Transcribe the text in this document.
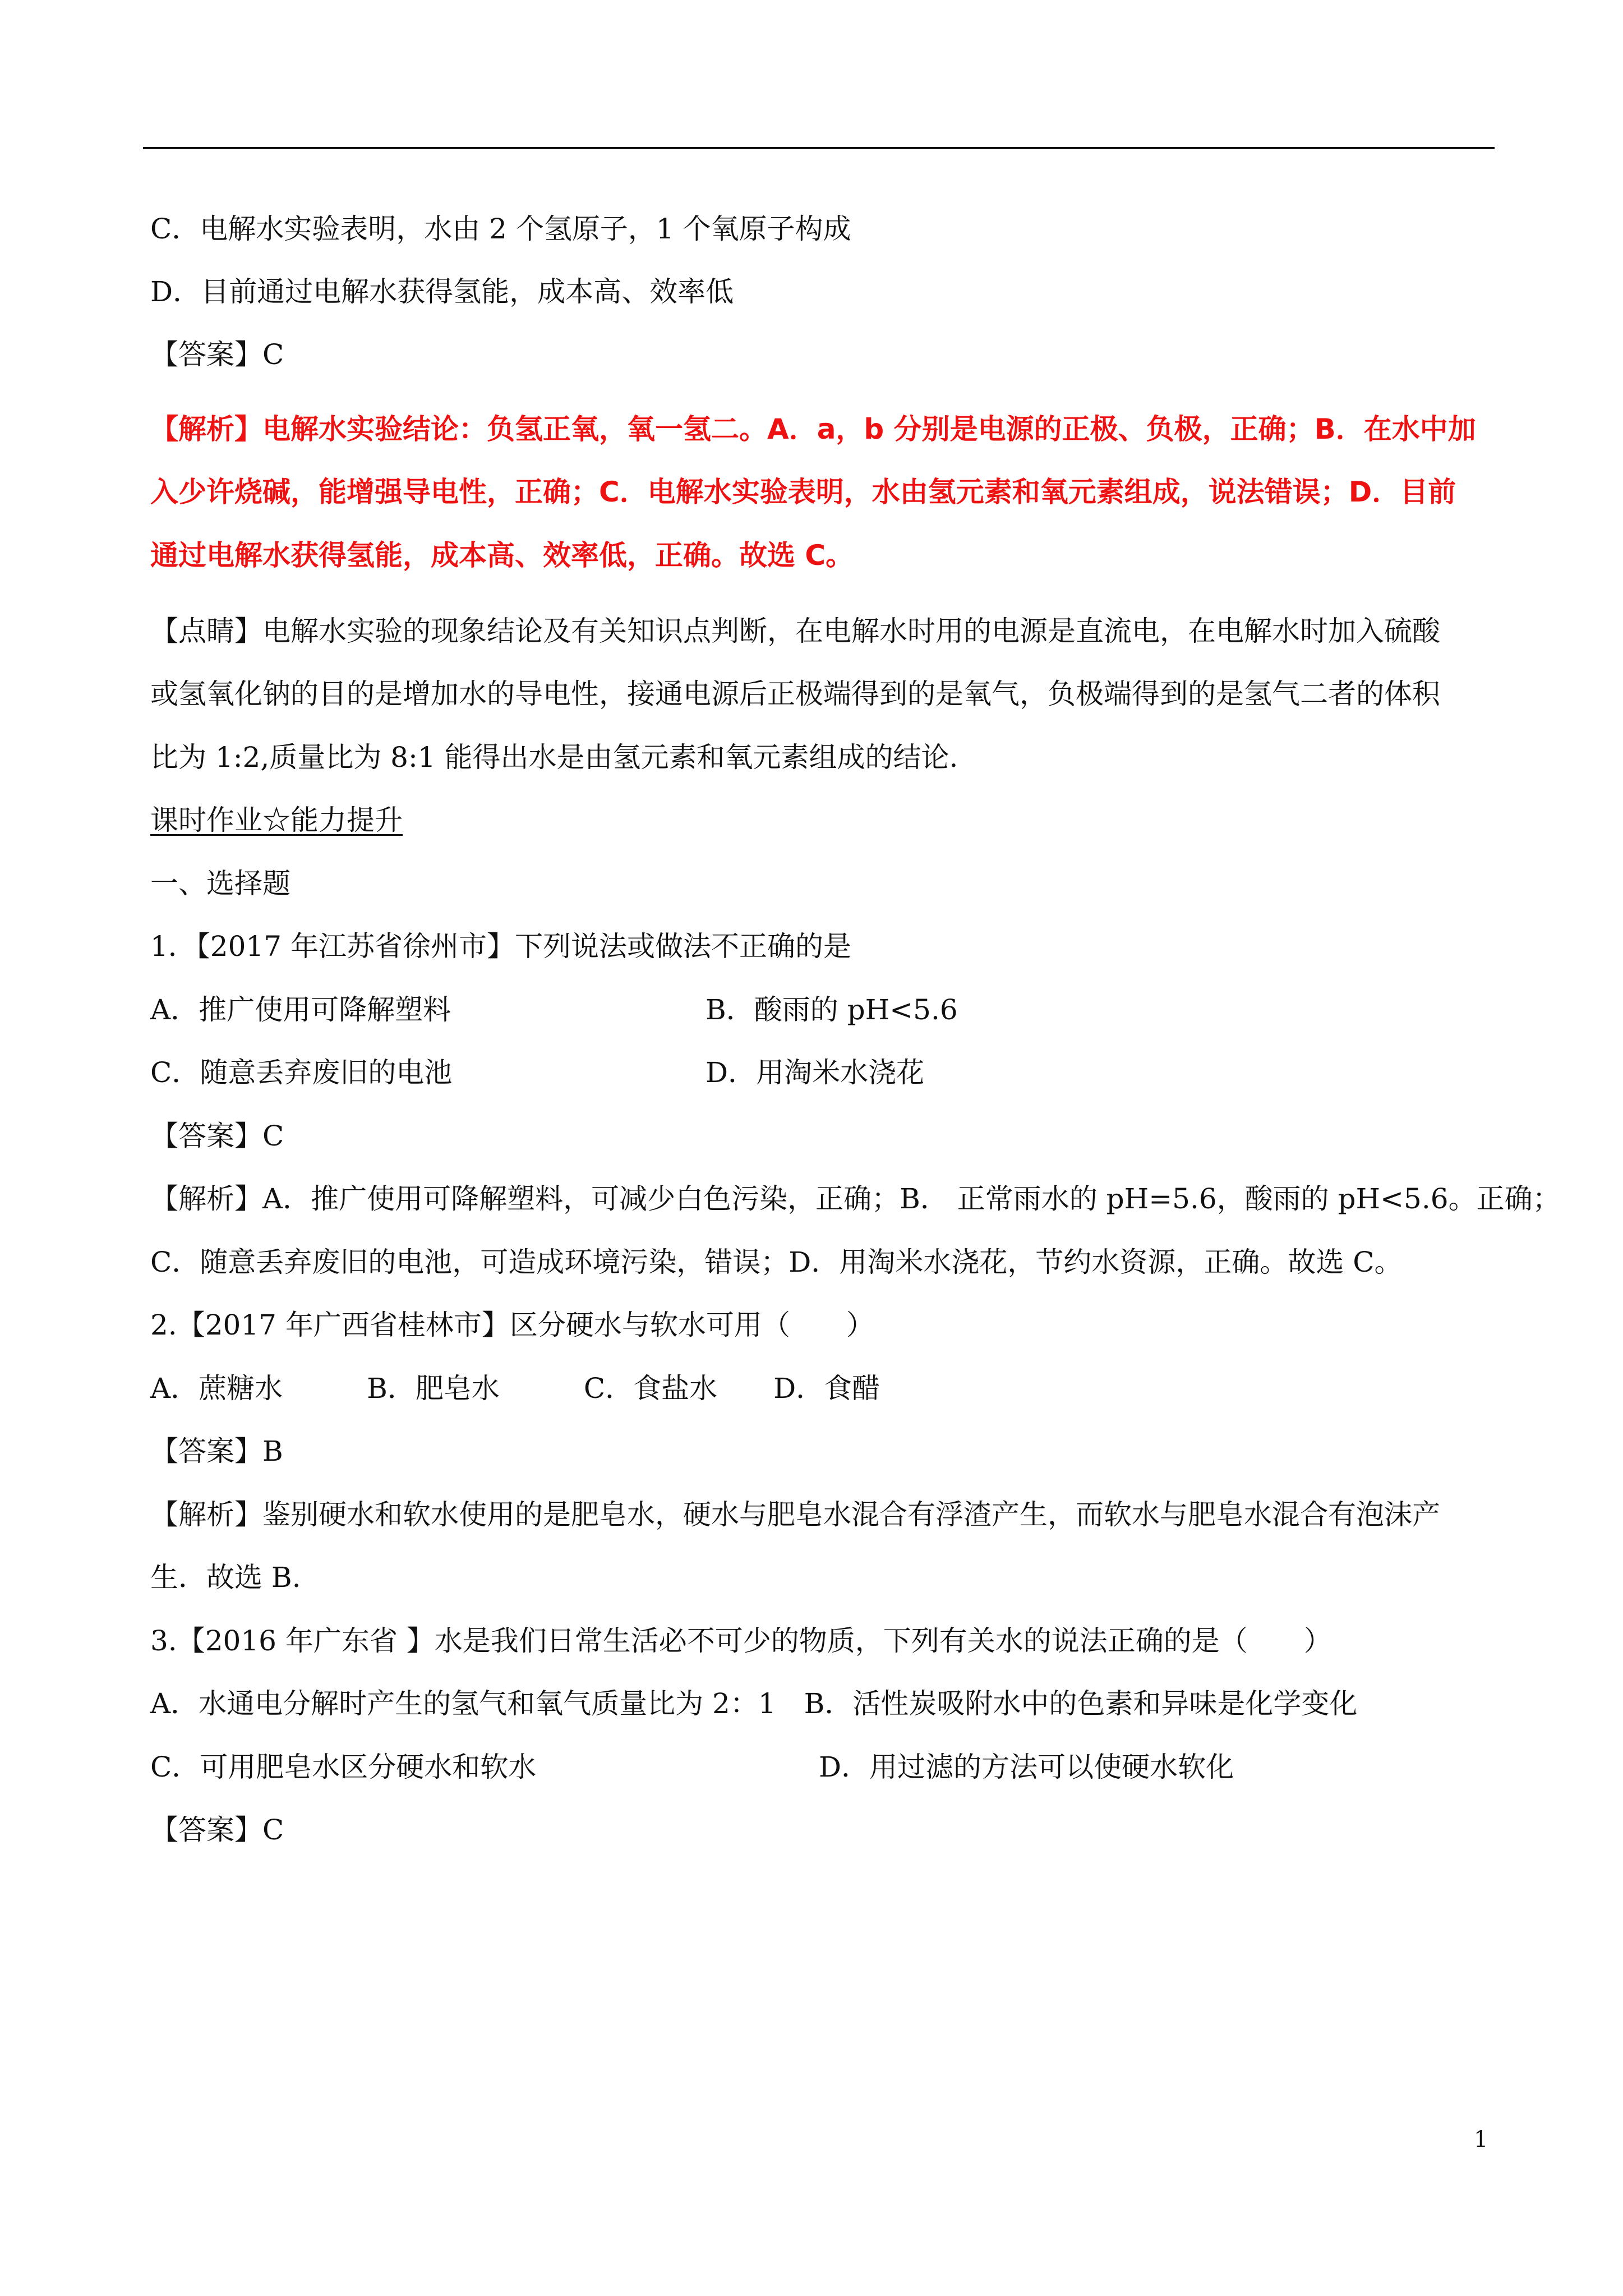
C．电解水实验表明，水由 2 个氢原子，1 个氧原子构成
D．目前通过电解水获得氢能，成本高、效率低
【答案】C
【解析】电解水实验结论：负氢正氧，氧一氢二。A．a，b 分别是电源的正极、负极，正确；B．在水中加
入少许烧碱，能增强导电性，正确；C．电解水实验表明，水由氢元素和氧元素组成，说法错误；D．目前
通过电解水获得氢能，成本高、效率低，正确。故选 C。
【点睛】电解水实验的现象结论及有关知识点判断，在电解水时用的电源是直流电，在电解水时加入硫酸
或氢氧化钠的目的是增加水的导电性，接通电源后正极端得到的是氧气，负极端得到的是氢气二者的体积
比为 1:2,质量比为 8:1 能得出水是由氢元素和氧元素组成的结论.
课时作业☆能力提升
一、选择题
1．【2017 年江苏省徐州市】下列说法或做法不正确的是
A．推广使用可降解塑料	B．酸雨的 pH<5.6
C．随意丢弃废旧的电池	D．用淘米水浇花
【答案】C
【解析】A．推广使用可降解塑料，可减少白色污染，正确；B． 正常雨水的 pH=5.6，酸雨的 pH<5.6。正确；
C．随意丢弃废旧的电池，可造成环境污染，错误；D．用淘米水浇花，节约水资源，正确。故选 C。
2.【2017 年广西省桂林市】区分硬水与软水可用（　　）
A．蔗糖水　　　B．肥皂水　　　C．食盐水　　D．食醋
【答案】B
【解析】鉴别硬水和软水使用的是肥皂水，硬水与肥皂水混合有浮渣产生，而软水与肥皂水混合有泡沫产
生．故选 B.
3.【2016 年广东省 】水是我们日常生活必不可少的物质，下列有关水的说法正确的是（　　）
A．水通电分解时产生的氢气和氧气质量比为 2：1　B．活性炭吸附水中的色素和异味是化学变化
C．可用肥皂水区分硬水和软水	D．用过滤的方法可以使硬水软化
【答案】C
1
